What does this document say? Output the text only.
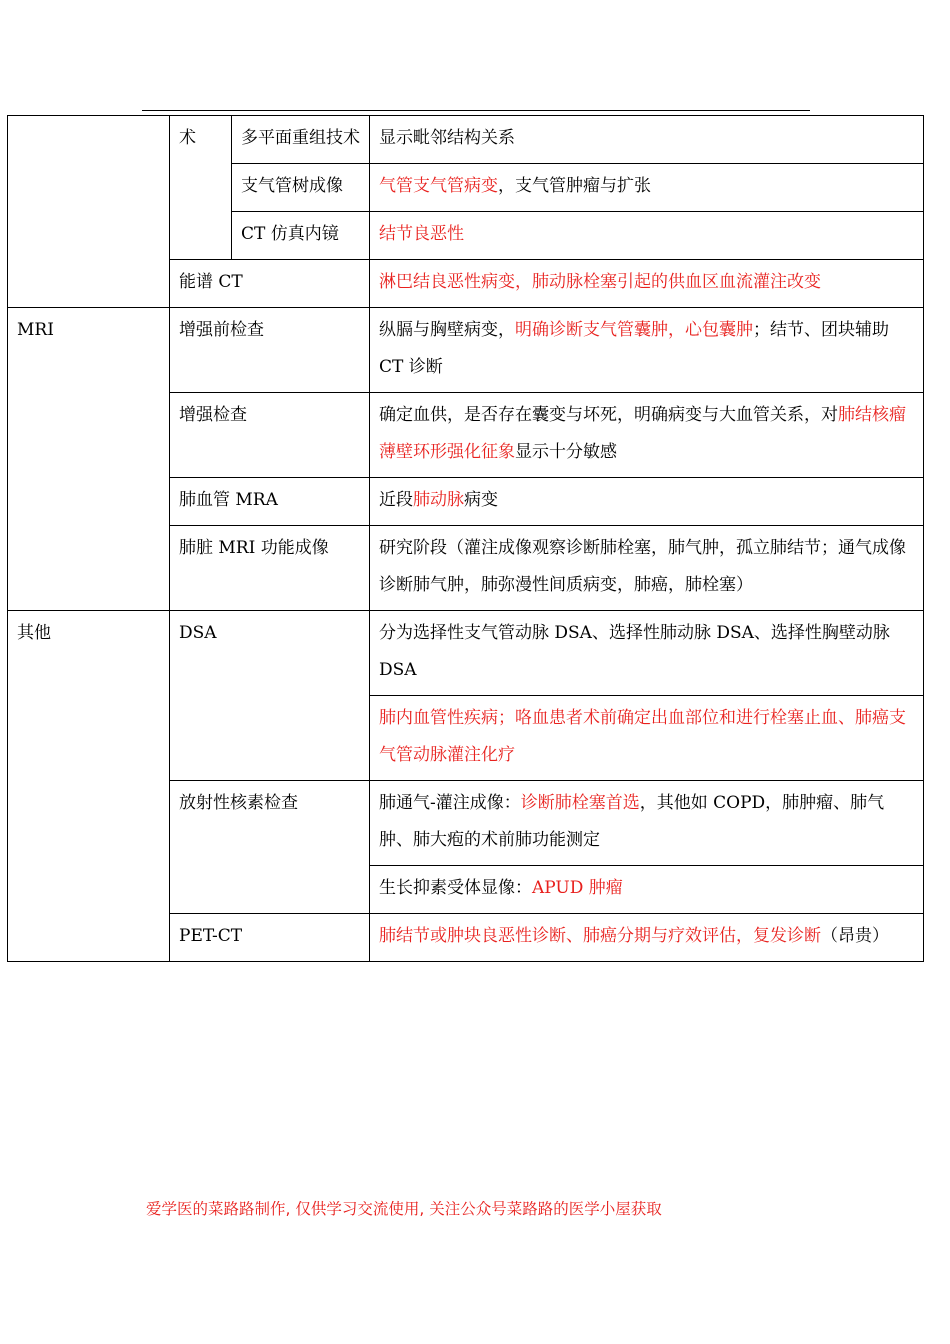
	术	多平面重组技术	显示毗邻结构关系
		支气管树成像	气管支气管病变，支气管肿瘤与扩张
		CT 仿真内镜	结节良恶性
	能谱 CT		淋巴结良恶性病变，肺动脉栓塞引起的供血区血流灌注改变
MRI	增强前检查		纵膈与胸壁病变，明确诊断支气管囊肿，心包囊肿；结节、团块辅助 CT 诊断
	增强检查		确定血供，是否存在囊变与坏死，明确病变与大血管关系，对肺结核瘤薄壁环形强化征象显示十分敏感
	肺血管 MRA		近段肺动脉病变
	肺脏 MRI 功能成像		研究阶段（灌注成像观察诊断肺栓塞，肺气肿，孤立肺结节；通气成像诊断肺气肿，肺弥漫性间质病变，肺癌，肺栓塞）
其他	DSA		分为选择性支气管动脉 DSA、选择性肺动脉 DSA、选择性胸壁动脉 DSA
			肺内血管性疾病；咯血患者术前确定出血部位和进行栓塞止血、肺癌支气管动脉灌注化疗
	放射性核素检查		肺通气-灌注成像：诊断肺栓塞首选，其他如 COPD，肺肿瘤、肺气肿、肺大疱的术前肺功能测定
			生长抑素受体显像：APUD 肿瘤
	PET-CT		肺结节或肿块良恶性诊断、肺癌分期与疗效评估，复发诊断（昂贵）
爱学医的菜路路制作, 仅供学习交流使用, 关注公众号菜路路的医学小屋获取
